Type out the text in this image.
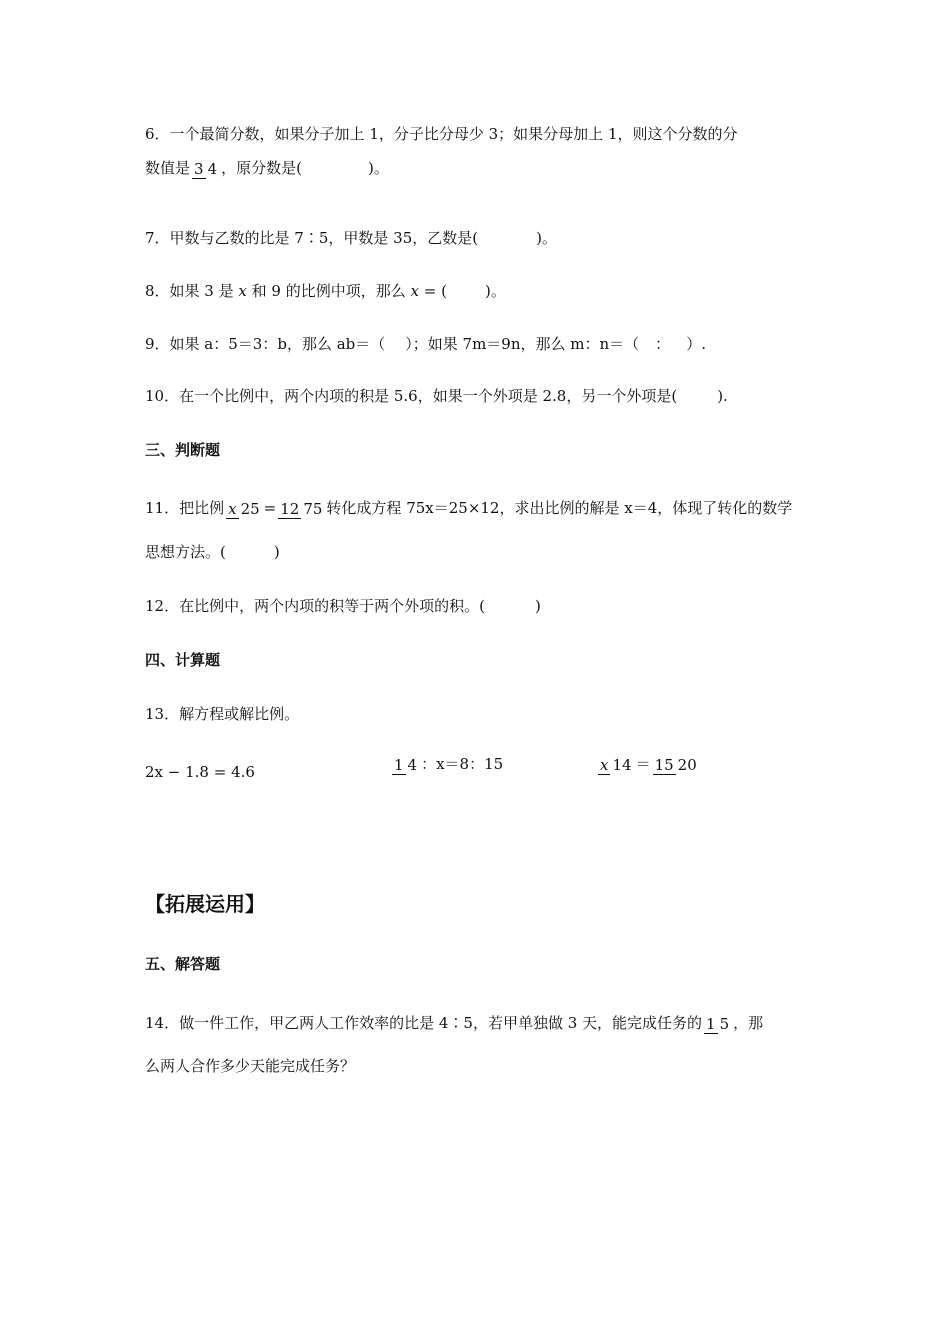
6．一个最简分数，如果分子加上 1，分子比分母少 3；如果分母加上 1，则这个分数的分
数值是 3 4 ，原分数是(	)。
7．甲数与乙数的比是 7∶5，甲数是 35，乙数是(	)。
8．如果 3 是 x 和 9 的比例中项，那么 x = (	)。
9．如果 a：5＝3：b，那么 ab＝（ ）；如果 7m＝9n，那么 m：n＝（ ： ）.
10．在一个比例中，两个内项的积是 5.6，如果一个外项是 2.8，另一个外项是(	).
三、判断题
11．把比例 x 25 = 12 75 转化成方程 75x＝25×12，求出比例的解是 x＝4，体现了转化的数学
思想方法。(	)
12．在比例中，两个内项的积等于两个外项的积。(	)
四、计算题
13．解方程或解比例。
2x − 1.8 = 4.6	1 4 ：x＝8：15	x 14 ＝ 15 20
【拓展运用】
五、解答题
14．做一件工作，甲乙两人工作效率的比是 4∶5，若甲单独做 3 天，能完成任务的 1 5 ，那
么两人合作多少天能完成任务？
